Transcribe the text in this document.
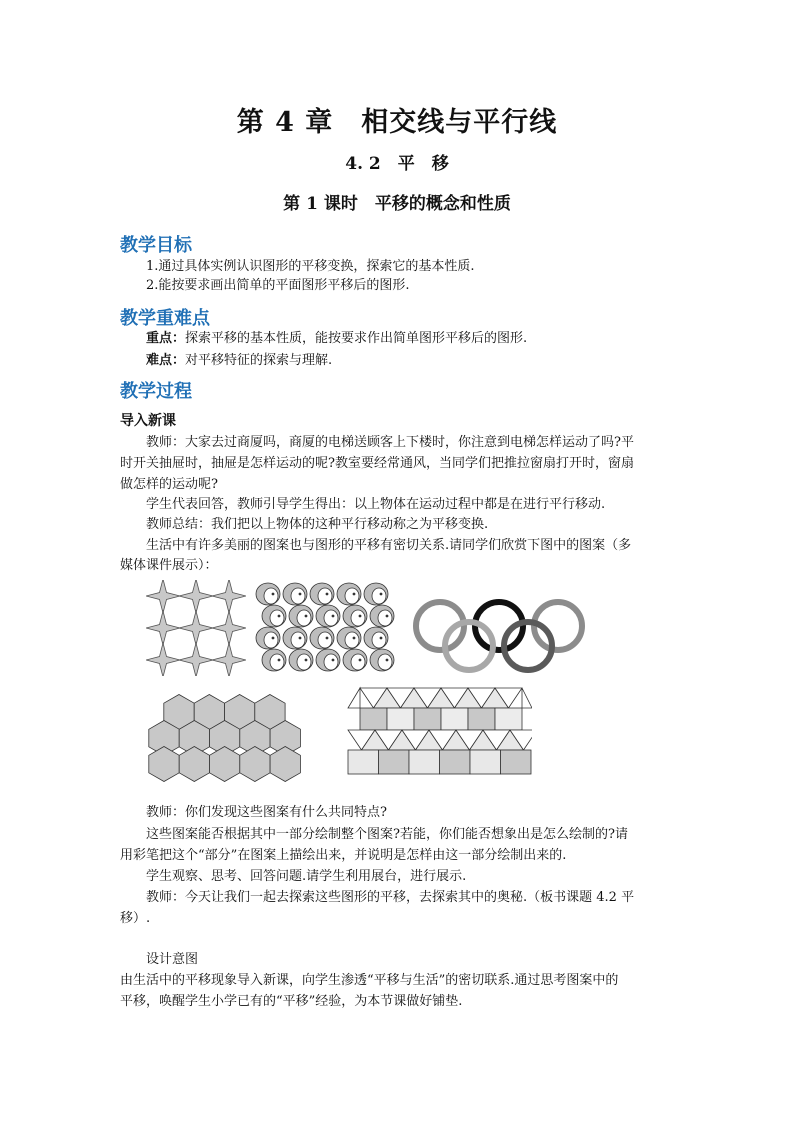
第 4 章　相交线与平行线
4. 2　平　移
第 1 课时　平移的概念和性质
教学目标
1.通过具体实例认识图形的平移变换，探索它的基本性质.
2.能按要求画出简单的平面图形平移后的图形.
教学重难点
重点：探索平移的基本性质，能按要求作出简单图形平移后的图形.
难点：对平移特征的探索与理解.
教学过程
导入新课
教师：大家去过商厦吗，商厦的电梯送顾客上下楼时，你注意到电梯怎样运动了吗?平
时开关抽屉时，抽屉是怎样运动的呢?教室要经常通风，当同学们把推拉窗扇打开时，窗扇
做怎样的运动呢?
学生代表回答，教师引导学生得出：以上物体在运动过程中都是在进行平行移动.
教师总结：我们把以上物体的这种平行移动称之为平移变换.
生活中有许多美丽的图案也与图形的平移有密切关系.请同学们欣赏下图中的图案（多
媒体课件展示）：
教师：你们发现这些图案有什么共同特点?
这些图案能否根据其中一部分绘制整个图案?若能，你们能否想象出是怎么绘制的?请
用彩笔把这个“部分”在图案上描绘出来，并说明是怎样由这一部分绘制出来的.
学生观察、思考、回答问题.请学生利用展台，进行展示.
教师：今天让我们一起去探索这些图形的平移，去探索其中的奥秘.（板书课题 4.2 平
移）.
设计意图
由生活中的平移现象导入新课，向学生渗透“平移与生活”的密切联系.通过思考图案中的
平移，唤醒学生小学已有的“平移”经验，为本节课做好铺垫.
